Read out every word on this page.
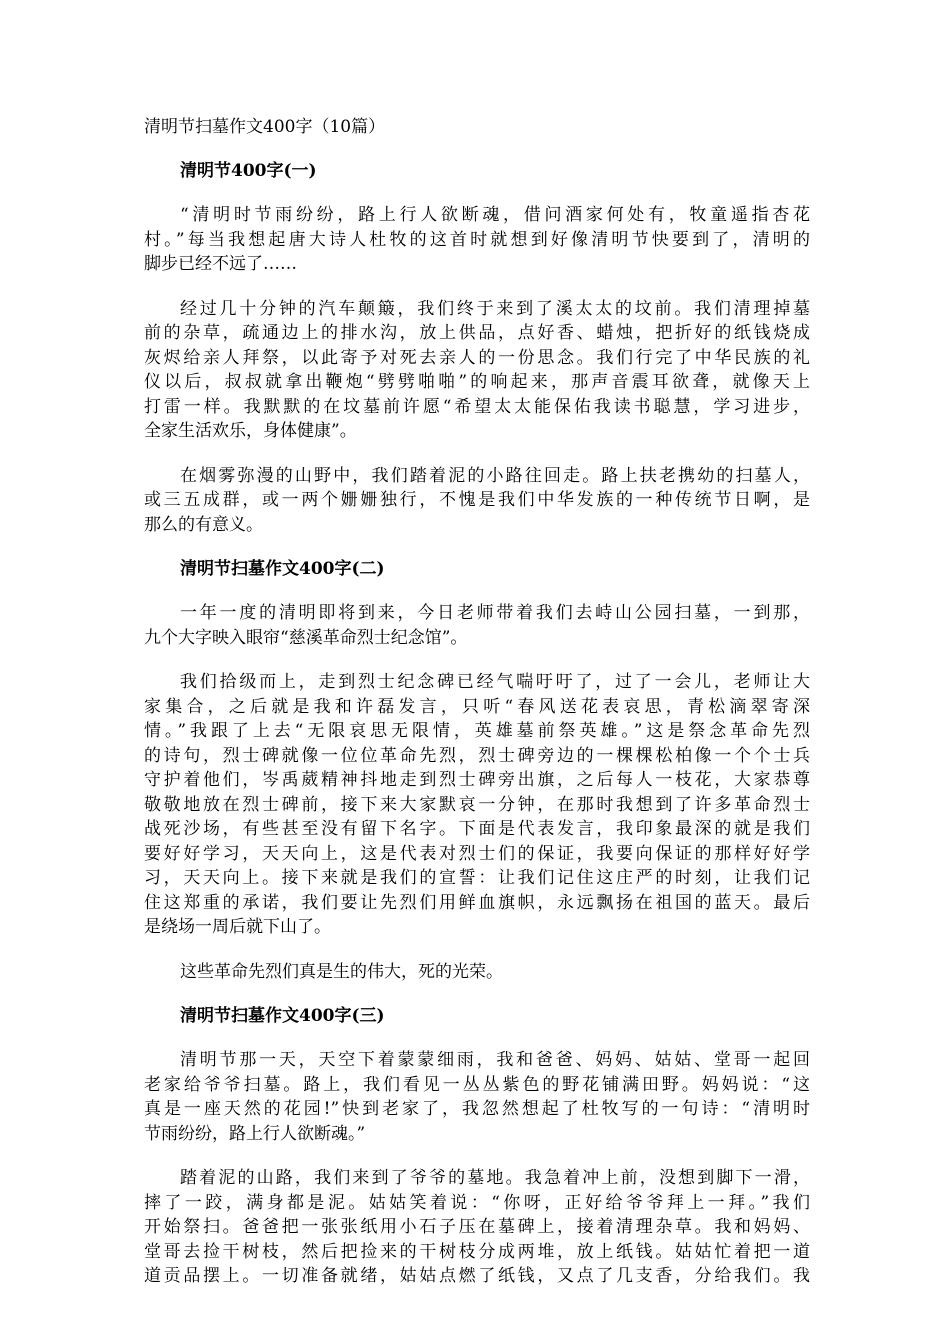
清明节扫墓作文400字（10篇）
清明节400字(一)
“清明时节雨纷纷，路上行人欲断魂，借问酒家何处有，牧童遥指杏花
村。”每当我想起唐大诗人杜牧的这首时就想到好像清明节快要到了，清明的
脚步已经不远了……
经过几十分钟的汽车颠簸，我们终于来到了溪太太的坟前。我们清理掉墓
前的杂草，疏通边上的排水沟，放上供品，点好香、蜡烛，把折好的纸钱烧成
灰烬给亲人拜祭，以此寄予对死去亲人的一份思念。我们行完了中华民族的礼
仪以后，叔叔就拿出鞭炮“劈劈啪啪”的响起来，那声音震耳欲聋，就像天上
打雷一样。我默默的在坟墓前许愿“希望太太能保佑我读书聪慧，学习进步，
全家生活欢乐，身体健康”。
在烟雾弥漫的山野中，我们踏着泥的小路往回走。路上扶老携幼的扫墓人，
或三五成群，或一两个姗姗独行，不愧是我们中华发族的一种传统节日啊，是
那么的有意义。
清明节扫墓作文400字(二)
一年一度的清明即将到来，今日老师带着我们去峙山公园扫墓，一到那，
九个大字映入眼帘“慈溪革命烈士纪念馆”。
我们拾级而上，走到烈士纪念碑已经气喘吁吁了，过了一会儿，老师让大
家集合，之后就是我和许磊发言，只听“春风送花表哀思，青松滴翠寄深
情。”我跟了上去“无限哀思无限情，英雄墓前祭英雄。”这是祭念革命先烈
的诗句，烈士碑就像一位位革命先烈，烈士碑旁边的一棵棵松柏像一个个士兵
守护着他们，岑禹葳精神抖地走到烈士碑旁出旗，之后每人一枝花，大家恭尊
敬敬地放在烈士碑前，接下来大家默哀一分钟，在那时我想到了许多革命烈士
战死沙场，有些甚至没有留下名字。下面是代表发言，我印象最深的就是我们
要好好学习，天天向上，这是代表对烈士们的保证，我要向保证的那样好好学
习，天天向上。接下来就是我们的宣誓：让我们记住这庄严的时刻，让我们记
住这郑重的承诺，我们要让先烈们用鲜血旗帜，永远飘扬在祖国的蓝天。最后
是绕场一周后就下山了。
这些革命先烈们真是生的伟大，死的光荣。
清明节扫墓作文400字(三)
清明节那一天，天空下着蒙蒙细雨，我和爸爸、妈妈、姑姑、堂哥一起回
老家给爷爷扫墓。路上，我们看见一丛丛紫色的野花铺满田野。妈妈说：“这
真是一座天然的花园!”快到老家了，我忽然想起了杜牧写的一句诗：“清明时
节雨纷纷，路上行人欲断魂。”
踏着泥的山路，我们来到了爷爷的墓地。我急着冲上前，没想到脚下一滑，
摔了一跤，满身都是泥。姑姑笑着说：“你呀，正好给爷爷拜上一拜。”我们
开始祭扫。爸爸把一张张纸用小石子压在墓碑上，接着清理杂草。我和妈妈、
堂哥去捡干树枝，然后把捡来的干树枝分成两堆，放上纸钱。姑姑忙着把一道
道贡品摆上。一切准备就绪，姑姑点燃了纸钱，又点了几支香，分给我们。我
